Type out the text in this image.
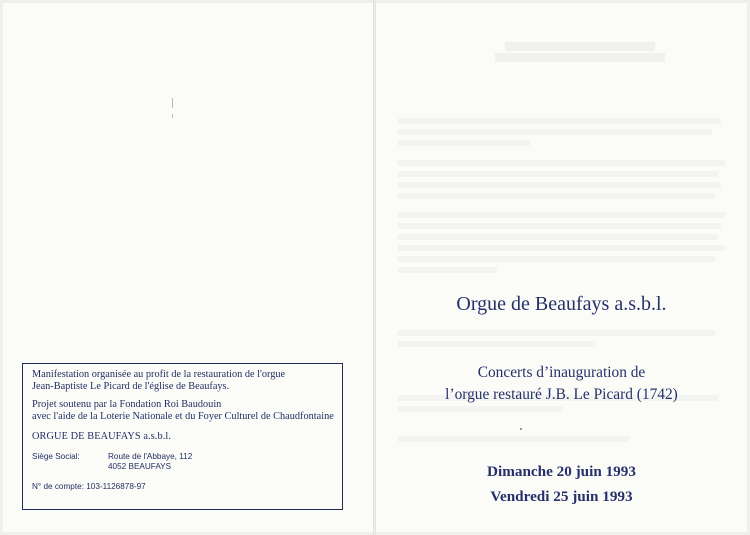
Manifestation organisée au profit de la restauration de l'orgue

Jean-Baptiste Le Picard de l'église de Beaufays.

Projet soutenu par la Fondation Roi Baudouin

avec l'aide de la Loterie Nationale et du Foyer Culturel de Chaudfontaine

ORGUE DE BEAUFAYS a.s.b.l.

Siège Social:	Route de l'Abbaye, 112
4052 BEAUFAYS

N° de compte: 103-1126878-97

Orgue de Beaufays a.s.b.l.
Concerts d’inauguration de
l’orgue restauré J.B. Le Picard (1742)
Dimanche 20 juin 1993
Vendredi 25 juin 1993
